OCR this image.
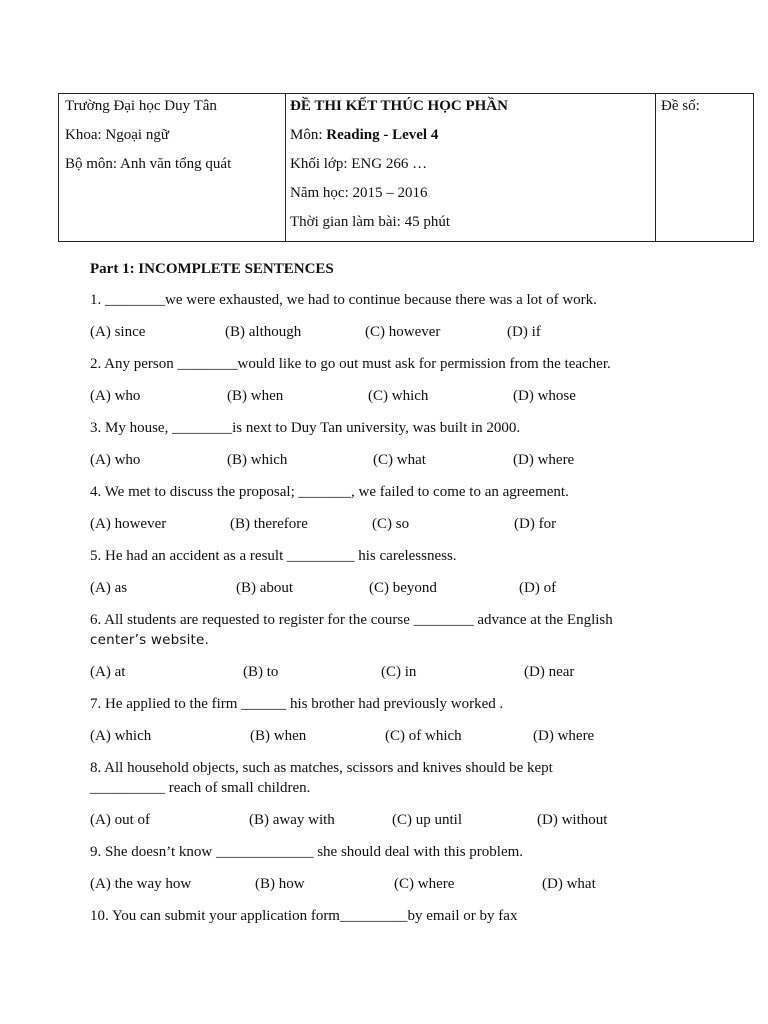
Trường Đại học Duy Tân
Khoa: Ngoại ngữ
Bộ môn: Anh văn tổng quát

ĐỀ THI KẾT THÚC HỌC PHẦN
Môn: Reading - Level 4
Khối lớp: ENG 266 …
Năm học: 2015 – 2016
Thời gian làm bài: 45 phút

Đề số:
Part 1: INCOMPLETE SENTENCES
1. ________we were exhausted, we had to continue because there was a lot of work.
(A) since	(B) although	(C) however	(D) if
2. Any person ________would like to go out must ask for permission from the teacher.
(A) who	(B) when	(C) which	(D) whose
3. My house, ________is next to Duy Tan university, was built in 2000.
(A) who	(B) which	(C) what	(D) where
4. We met to discuss the proposal; _______, we failed to come to an agreement.
(A) however	(B) therefore	(C) so	(D) for
5. He had an accident as a result _________ his carelessness.
(A) as	(B) about	(C) beyond	(D) of
6. All students are requested to register for the course ________ advance at the English
center’s website.
(A) at	(B) to	(C) in	(D) near
7. He applied to the firm ______ his brother had previously worked .
(A) which	(B) when	(C) of which	(D) where
8. All household objects, such as matches, scissors and knives should be kept
__________ reach of small children.
(A) out of	(B) away with	(C) up until	(D) without
9. She doesn’t know _____________ she should deal with this problem.
(A) the way how	(B) how	(C) where	(D) what
10. You can submit your application form_________by email or by fax
